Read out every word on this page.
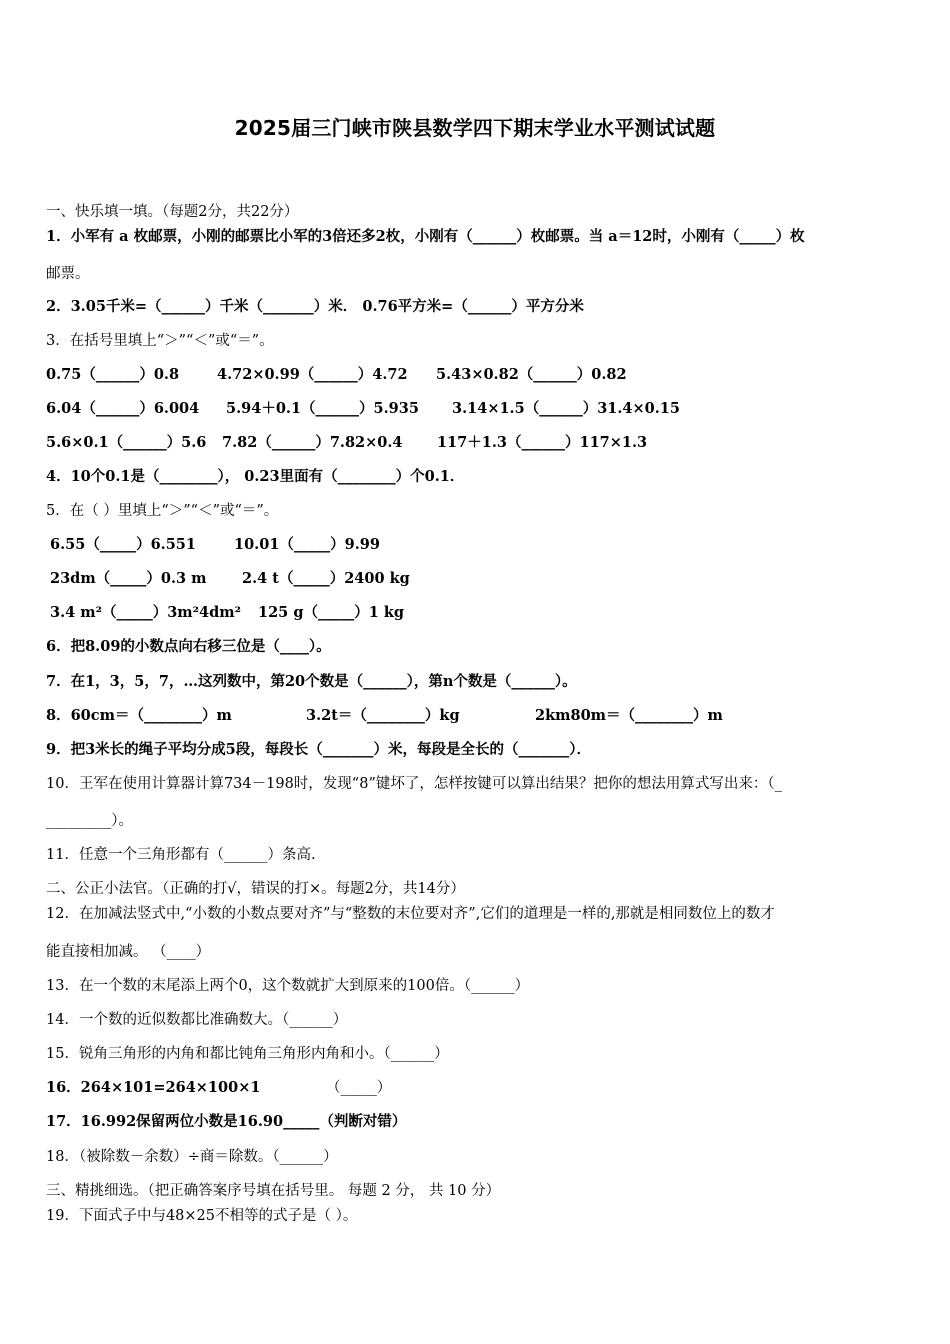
2025届三门峡市陕县数学四下期末学业水平测试试题
一、快乐填一填。（每题2分，共22分）
1．小军有 a 枚邮票，小刚的邮票比小军的3倍还多2枚，小刚有（______）枚邮票。当 a＝12时，小刚有（_____）枚
邮票。
2．3.05千米=（______）千米（_______）米． 0.76平方米=（______）平方分米
3．在括号里填上“＞”“＜”或“＝”。
0.75（______）0.8	4.72×0.99（______）4.72 5.43×0.82（______）0.82
6.04（______）6.004 5.94＋0.1（______）5.935 3.14×1.5（______）31.4×0.15
5.6×0.1（______）5.6 7.82（______）7.82×0.4 117＋1.3（______）117×1.3
4．10个0.1是（________）， 0.23里面有（________）个0.1．
5．在（ ）里填上“＞”“＜”或“＝”。
6.55（_____）6.551	10.01（_____）9.99
23dm（_____）0.3 m 2.4 t（_____）2400 kg
3.4 m²（_____）3m²4dm² 125 g（_____）1 kg
6．把8.09的小数点向右移三位是（____）。
7．在1，3，5，7，…这列数中，第20个数是（______），第n个数是（______）。
8．60cm＝（________）m	3.2t＝（________）kg	2km80m＝（________）m
9．把3米长的绳子平均分成5段，每段长（_______）米，每段是全长的（_______）．
10．王军在使用计算器计算734－198时，发现“8”键坏了，怎样按键可以算出结果？把你的想法用算式写出来：（_
_________）。
11．任意一个三角形都有（______）条高.
二、公正小法官。（正确的打√，错误的打×。每题2分，共14分）
12．在加减法竖式中,“小数的小数点要对齐”与“整数的末位要对齐”,它们的道理是一样的,那就是相同数位上的数才
能直接相加减。 （____）
13．在一个数的末尾添上两个0，这个数就扩大到原来的100倍。（______）
14．一个数的近似数都比准确数大。（______）
15．锐角三角形的内角和都比钝角三角形内角和小。（______）
16．264×101=264×100×1	（_____）
17．16.992保留两位小数是16.90_____（判断对错）
18．（被除数－余数）÷商＝除数。（______）
三、精挑细选。（把正确答案序号填在括号里。 每题 2 分， 共 10 分）
19．下面式子中与48×25不相等的式子是（ ）。
